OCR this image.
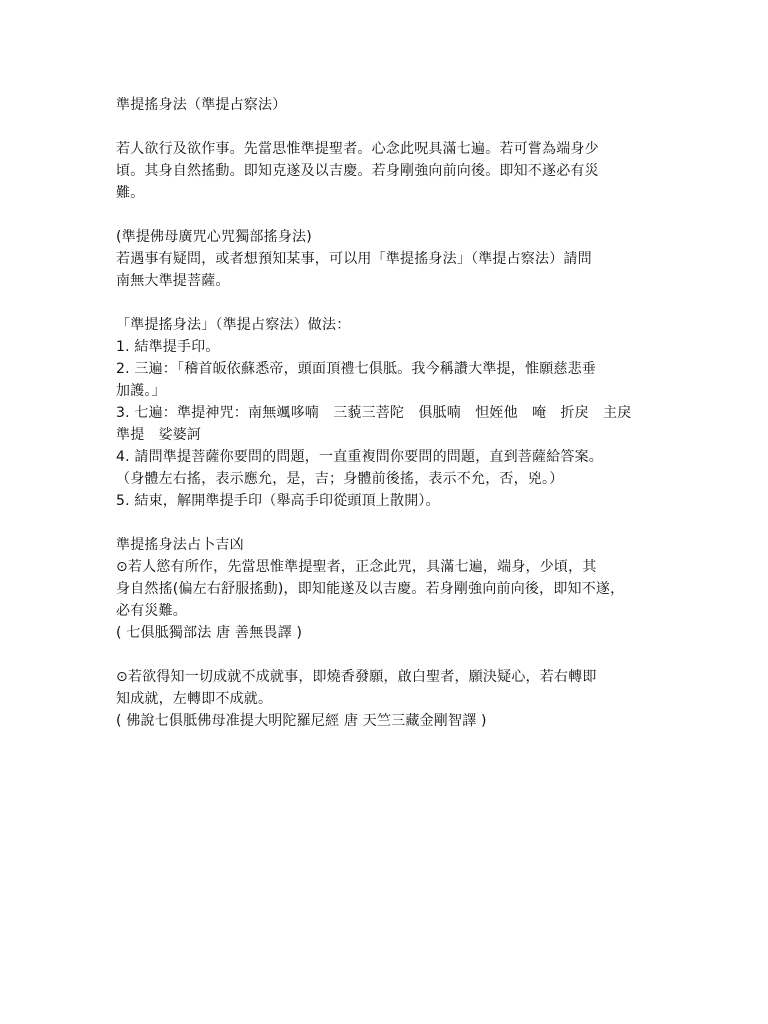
準提搖身法（準提占察法）
若人欲行及欲作事。先當思惟準提聖者。心念此呪具滿七遍。若可嘗為端身少
頃。其身自然搖動。即知克遂及以吉慶。若身剛強向前向後。即知不遂必有災
難。
(準提佛母廣咒心咒獨部搖身法)
若遇事有疑問，或者想預知某事，可以用「準提搖身法」（準提占察法）請問
南無大準提菩薩。
「準提搖身法」（準提占察法）做法：
1. 結準提手印。
2. 三遍：「稽首皈依蘇悉帝，頭面頂禮七俱胝。我今稱讚大準提，惟願慈悲垂
加護。」
3. 七遍：準提神咒：南無颯哆喃　三藐三菩陀　俱胝喃　怛姪他　唵　折戾　主戾
準提　娑婆訶
4. 請問準提菩薩你要問的問題，一直重複問你要問的問題，直到菩薩給答案。
（身體左右搖，表示應允，是，吉；身體前後搖，表示不允，否，兇。）
5. 結束，解開準提手印（舉高手印從頭頂上散開）。
準提搖身法占卜吉凶
⊙若人慾有所作，先當思惟準提聖者，正念此咒，具滿七遍，端身，少頃，其
身自然搖(偏左右舒服搖動)，即知能遂及以吉慶。若身剛強向前向後，即知不遂，
必有災難。
( 七俱胝獨部法 唐 善無畏譯 )
⊙若欲得知一切成就不成就事，即燒香發願，啟白聖者，願決疑心，若右轉即
知成就，左轉即不成就。
( 佛說七俱胝佛母准提大明陀羅尼經 唐 天竺三藏金剛智譯 )
